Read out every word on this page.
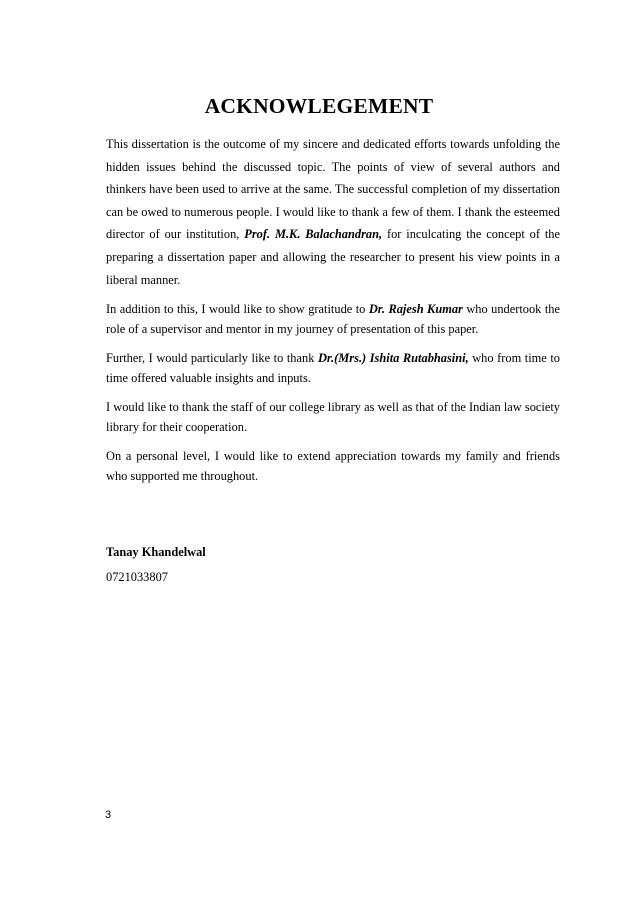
ACKNOWLEGEMENT

This dissertation is the outcome of my sincere and dedicated efforts towards unfolding the hidden issues behind the discussed topic. The points of view of several authors and thinkers have been used to arrive at the same. The successful completion of my dissertation can be owed to numerous people. I would like to thank a few of them. I thank the esteemed director of our institution, Prof. M.K. Balachandran, for inculcating the concept of the preparing a dissertation paper and allowing the researcher to present his view points in a liberal manner.

In addition to this, I would like to show gratitude to Dr. Rajesh Kumar who undertook the role of a supervisor and mentor in my journey of presentation of this paper.

Further, I would particularly like to thank Dr.(Mrs.) Ishita Rutabhasini, who from time to time offered valuable insights and inputs.

I would like to thank the staff of our college library as well as that of the Indian law society library for their cooperation.

On a personal level, I would like to extend appreciation towards my family and friends who supported me throughout.

Tanay Khandelwal
0721033807
3
